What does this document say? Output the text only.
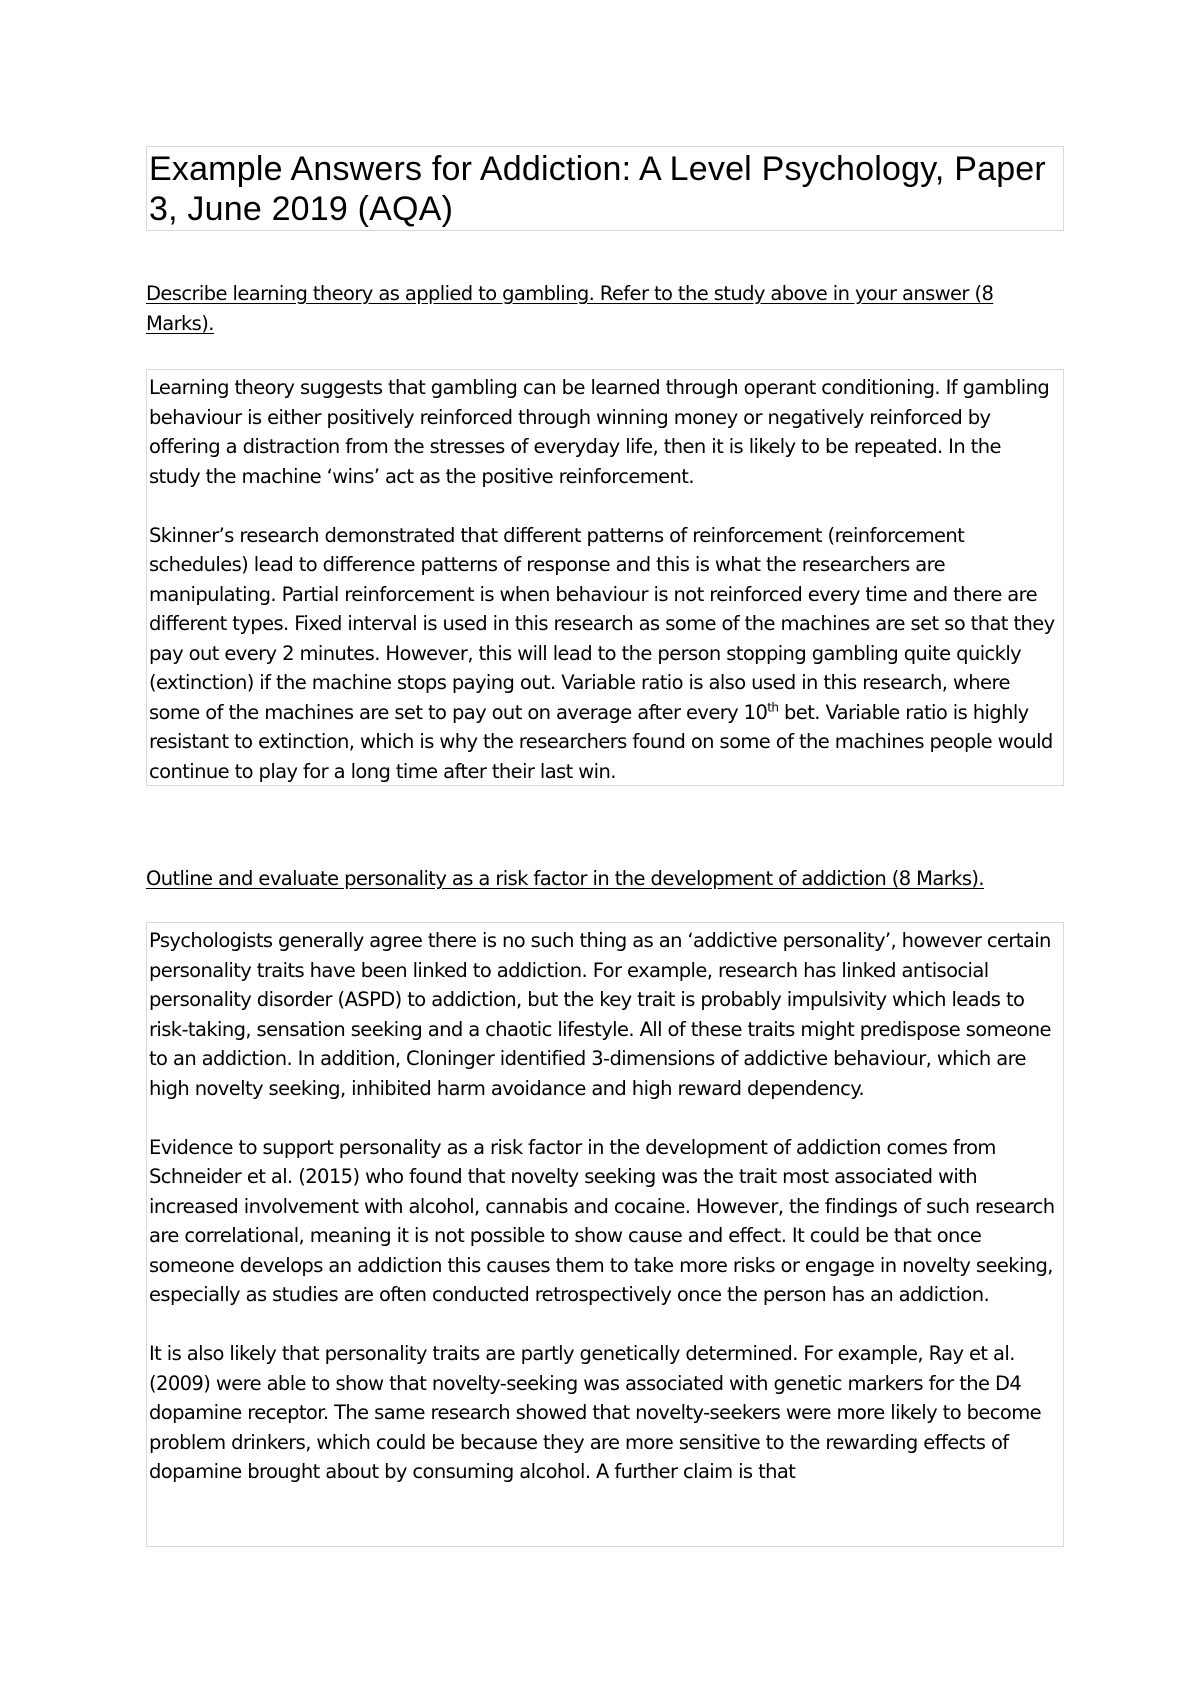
Example Answers for Addiction: A Level Psychology, Paper 3, June 2019 (AQA)

Describe learning theory as applied to gambling. Refer to the study above in your answer (8 Marks).

Learning theory suggests that gambling can be learned through operant conditioning. If gambling behaviour is either positively reinforced through winning money or negatively reinforced by offering a distraction from the stresses of everyday life, then it is likely to be repeated. In the study the machine ‘wins’ act as the positive reinforcement.

Skinner’s research demonstrated that different patterns of reinforcement (reinforcement schedules) lead to difference patterns of response and this is what the researchers are manipulating. Partial reinforcement is when behaviour is not reinforced every time and there are different types. Fixed interval is used in this research as some of the machines are set so that they pay out every 2 minutes. However, this will lead to the person stopping gambling quite quickly (extinction) if the machine stops paying out. Variable ratio is also used in this research, where some of the machines are set to pay out on average after every 10th bet. Variable ratio is highly resistant to extinction, which is why the researchers found on some of the machines people would continue to play for a long time after their last win.

Outline and evaluate personality as a risk factor in the development of addiction (8 Marks).

Psychologists generally agree there is no such thing as an ‘addictive personality’, however certain personality traits have been linked to addiction. For example, research has linked antisocial personality disorder (ASPD) to addiction, but the key trait is probably impulsivity which leads to risk-taking, sensation seeking and a chaotic lifestyle. All of these traits might predispose someone to an addiction. In addition, Cloninger identified 3-dimensions of addictive behaviour, which are high novelty seeking, inhibited harm avoidance and high reward dependency.

Evidence to support personality as a risk factor in the development of addiction comes from Schneider et al. (2015) who found that novelty seeking was the trait most associated with increased involvement with alcohol, cannabis and cocaine. However, the findings of such research are correlational, meaning it is not possible to show cause and effect. It could be that once someone develops an addiction this causes them to take more risks or engage in novelty seeking, especially as studies are often conducted retrospectively once the person has an addiction.

It is also likely that personality traits are partly genetically determined. For example, Ray et al. (2009) were able to show that novelty-seeking was associated with genetic markers for the D4 dopamine receptor. The same research showed that novelty-seekers were more likely to become problem drinkers, which could be because they are more sensitive to the rewarding effects of dopamine brought about by consuming alcohol. A further claim is that
